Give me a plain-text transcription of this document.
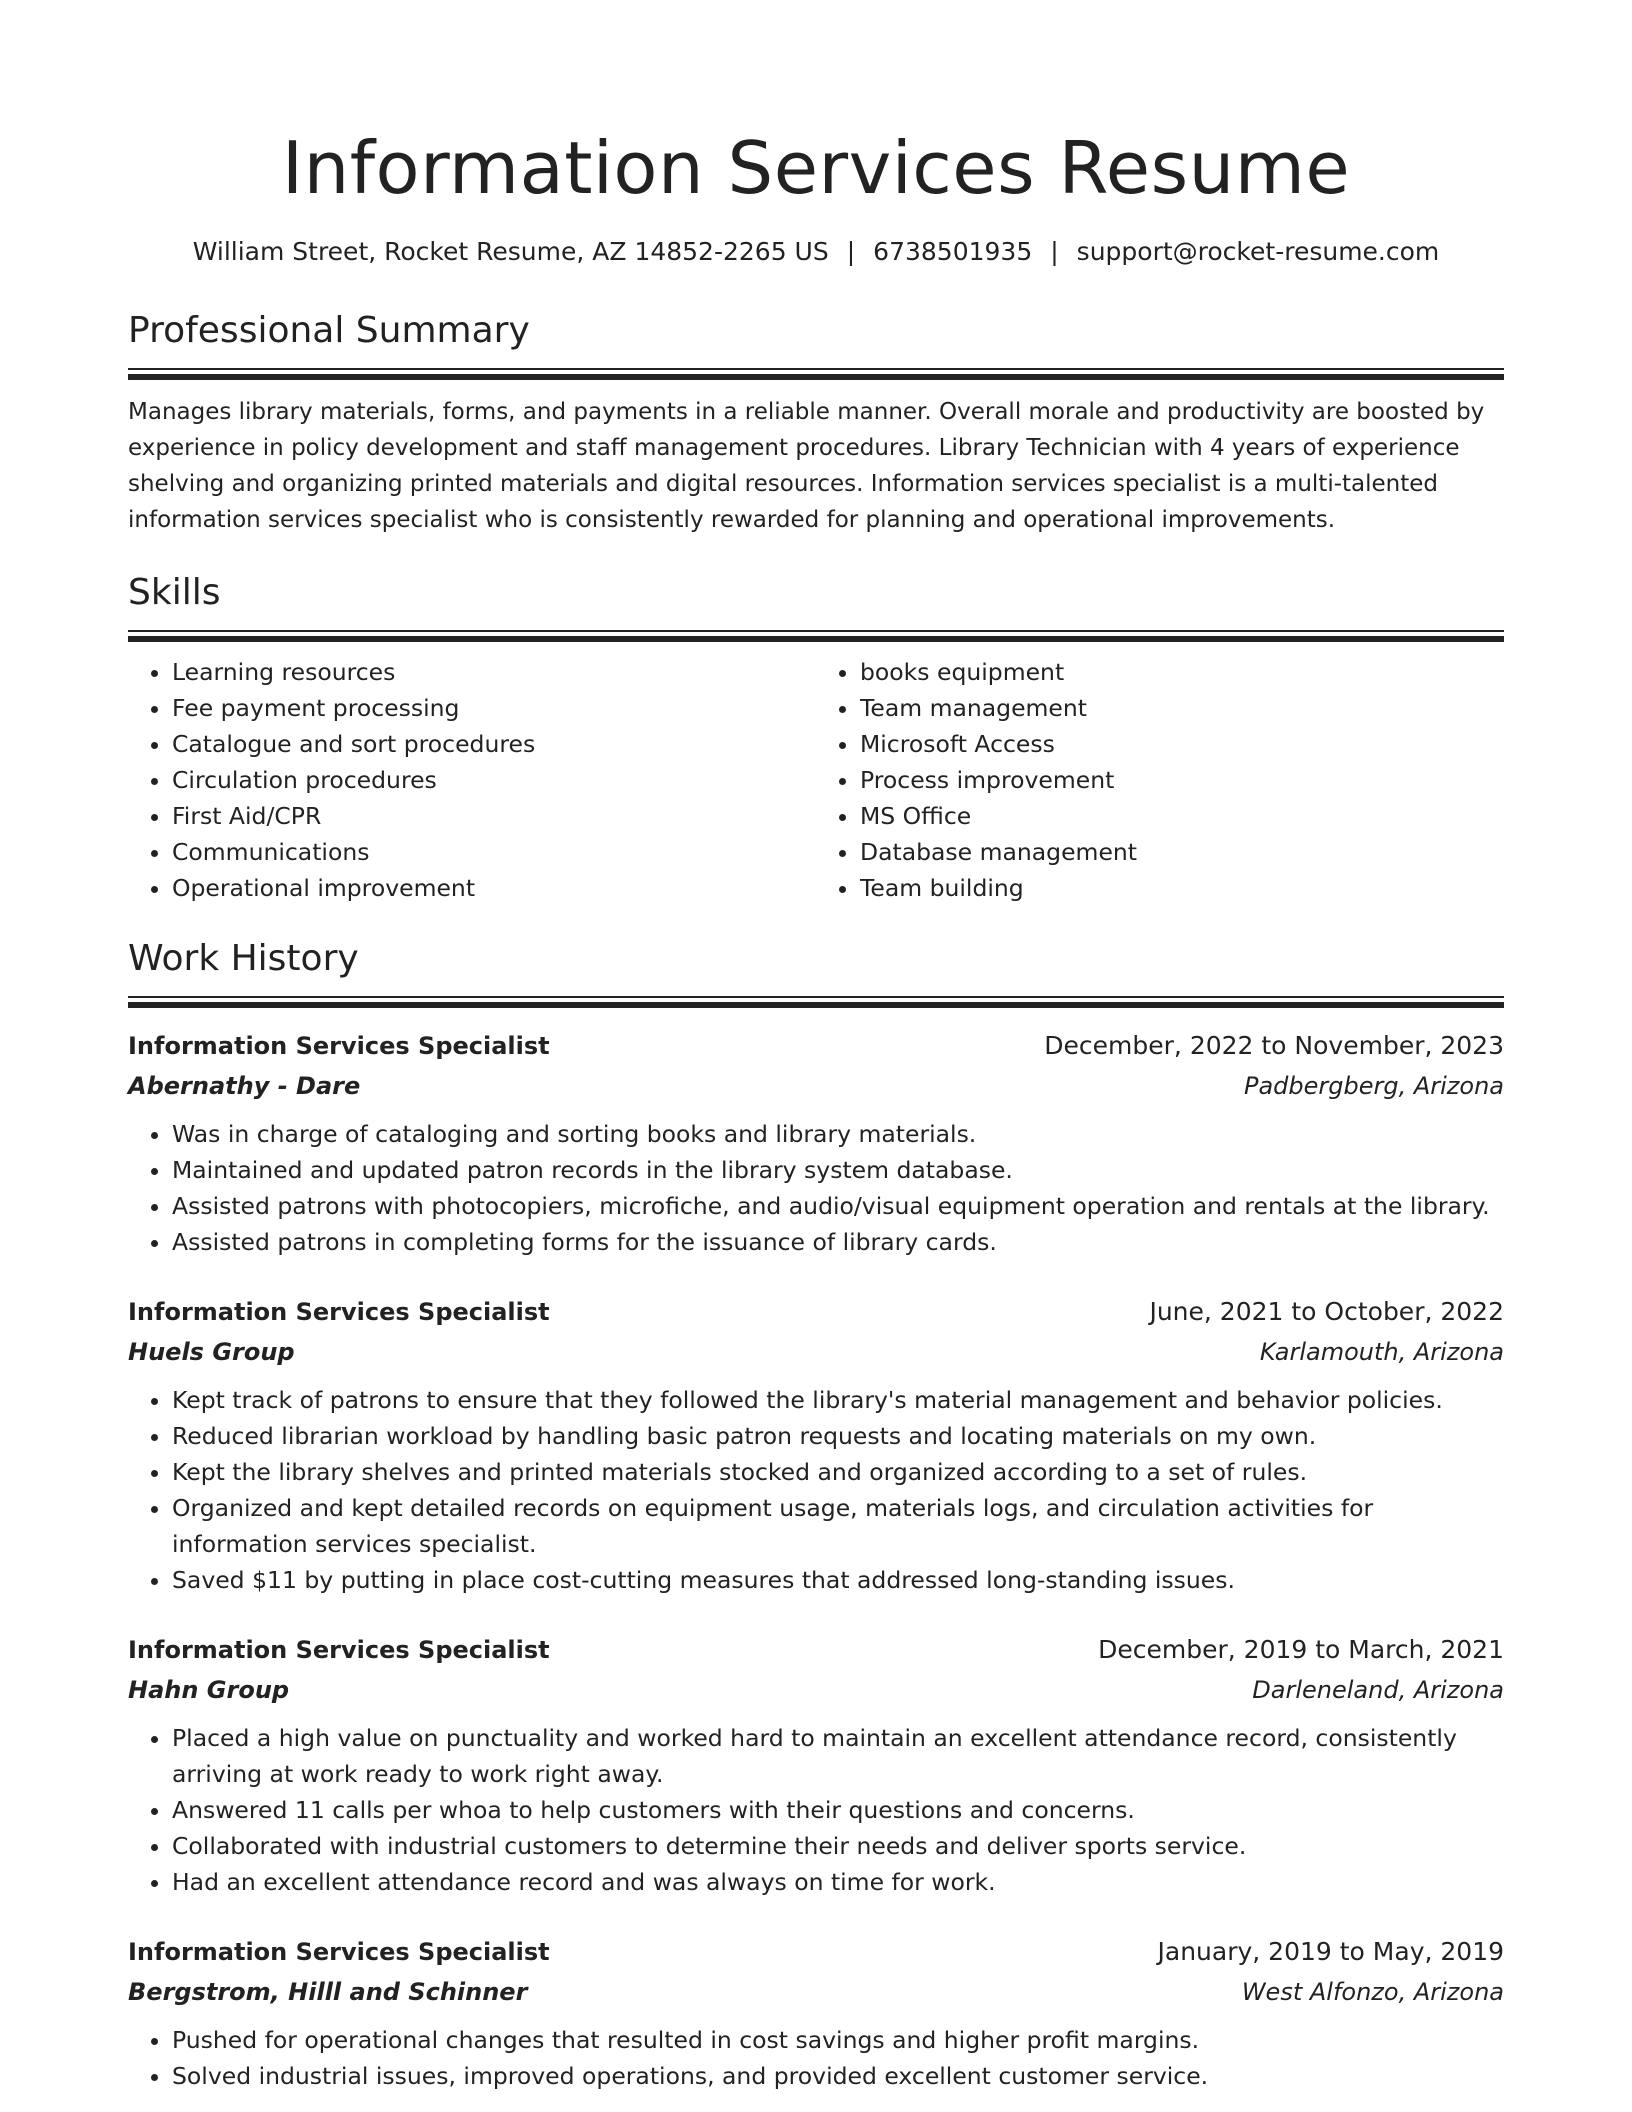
Information Services Resume
William Street, Rocket Resume, AZ 14852-2265 US | 6738501935 | support@rocket-resume.com
Professional Summary

Manages library materials, forms, and payments in a reliable manner. Overall morale and productivity are boosted by experience in policy development and staff management procedures. Library Technician with 4 years of experience shelving and organizing printed materials and digital resources. Information services specialist is a multi-talented information services specialist who is consistently rewarded for planning and operational improvements.

Skills
• Learning resources
• Fee payment processing
• Catalogue and sort procedures
• Circulation procedures
• First Aid/CPR
• Communications
• Operational improvement
• books equipment
• Team management
• Microsoft Access
• Process improvement
• MS Office
• Database management
• Team building
Work History
Information Services Specialist	December, 2022 to November, 2023
Abernathy - Dare	Padbergberg, Arizona
• Was in charge of cataloging and sorting books and library materials.
• Maintained and updated patron records in the library system database.
• Assisted patrons with photocopiers, microfiche, and audio/visual equipment operation and rentals at the library.
• Assisted patrons in completing forms for the issuance of library cards.
Information Services Specialist	June, 2021 to October, 2022
Huels Group	Karlamouth, Arizona
• Kept track of patrons to ensure that they followed the library's material management and behavior policies.
• Reduced librarian workload by handling basic patron requests and locating materials on my own.
• Kept the library shelves and printed materials stocked and organized according to a set of rules.
• Organized and kept detailed records on equipment usage, materials logs, and circulation activities for information services specialist.
• Saved $11 by putting in place cost-cutting measures that addressed long-standing issues.
Information Services Specialist	December, 2019 to March, 2021
Hahn Group	Darleneland, Arizona
• Placed a high value on punctuality and worked hard to maintain an excellent attendance record, consistently arriving at work ready to work right away.
• Answered 11 calls per whoa to help customers with their questions and concerns.
• Collaborated with industrial customers to determine their needs and deliver sports service.
• Had an excellent attendance record and was always on time for work.
Information Services Specialist	January, 2019 to May, 2019
Bergstrom, Hilll and Schinner	West Alfonzo, Arizona
• Pushed for operational changes that resulted in cost savings and higher profit margins.
• Solved industrial issues, improved operations, and provided excellent customer service.
